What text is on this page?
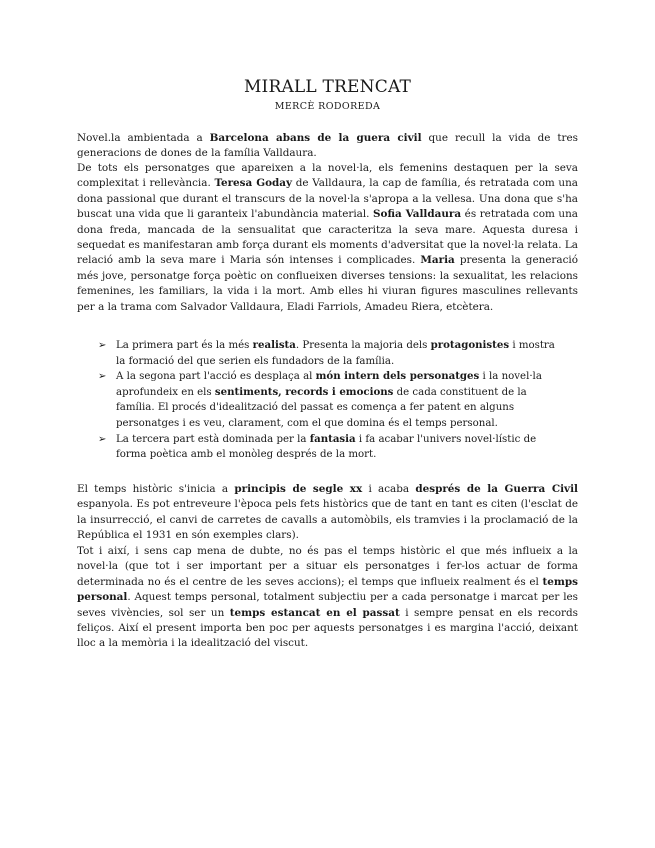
MIRALL TRENCAT
MERCÈ RODOREDA
Novel.la ambientada a Barcelona abans de la guera civil que recull la vida de tres generacions de dones de la família Valldaura.
De tots els personatges que apareixen a la novel·la, els femenins destaquen per la seva complexitat i rellevància. Teresa Goday de Valldaura, la cap de família, és retratada com una dona passional que durant el transcurs de la novel·la s'apropa a la vellesa. Una dona que s'ha buscat una vida que li garanteix l'abundància material. Sofia Valldaura és retratada com una dona freda, mancada de la sensualitat que caracteritza la seva mare. Aquesta duresa i sequedat es manifestaran amb força durant els moments d'adversitat que la novel·la relata. La relació amb la seva mare i Maria són intenses i complicades. Maria presenta la generació més jove, personatge força poètic on conflueixen diverses tensions: la sexualitat, les relacions femenines, les familiars, la vida i la mort. Amb elles hi viuran figures masculines rellevants per a la trama com Salvador Valldaura, Eladi Farriols, Amadeu Riera, etcètera.
➢ La primera part és la més realista. Presenta la majoria dels protagonistes i mostra la formació del que serien els fundadors de la família.
➢ A la segona part l'acció es desplaça al món intern dels personatges i la novel·la aprofundeix en els sentiments, records i emocions de cada constituent de la família. El procés d'idealització del passat es comença a fer patent en alguns personatges i es veu, clarament, com el que domina és el temps personal.
➢ La tercera part està dominada per la fantasia i fa acabar l'univers novel·lístic de forma poètica amb el monòleg després de la mort.
El temps històric s'inicia a principis de segle xx i acaba després de la Guerra Civil espanyola. Es pot entreveure l'època pels fets històrics que de tant en tant es citen (l'esclat de la insurrecció, el canvi de carretes de cavalls a automòbils, els tramvies i la proclamació de la República el 1931 en són exemples clars).
Tot i així, i sens cap mena de dubte, no és pas el temps històric el que més influeix a la novel·la (que tot i ser important per a situar els personatges i fer-los actuar de forma determinada no és el centre de les seves accions); el temps que influeix realment és el temps personal. Aquest temps personal, totalment subjectiu per a cada personatge i marcat per les seves vivències, sol ser un temps estancat en el passat i sempre pensat en els records feliços. Així el present importa ben poc per aquests personatges i es margina l'acció, deixant lloc a la memòria i la idealització del viscut.
